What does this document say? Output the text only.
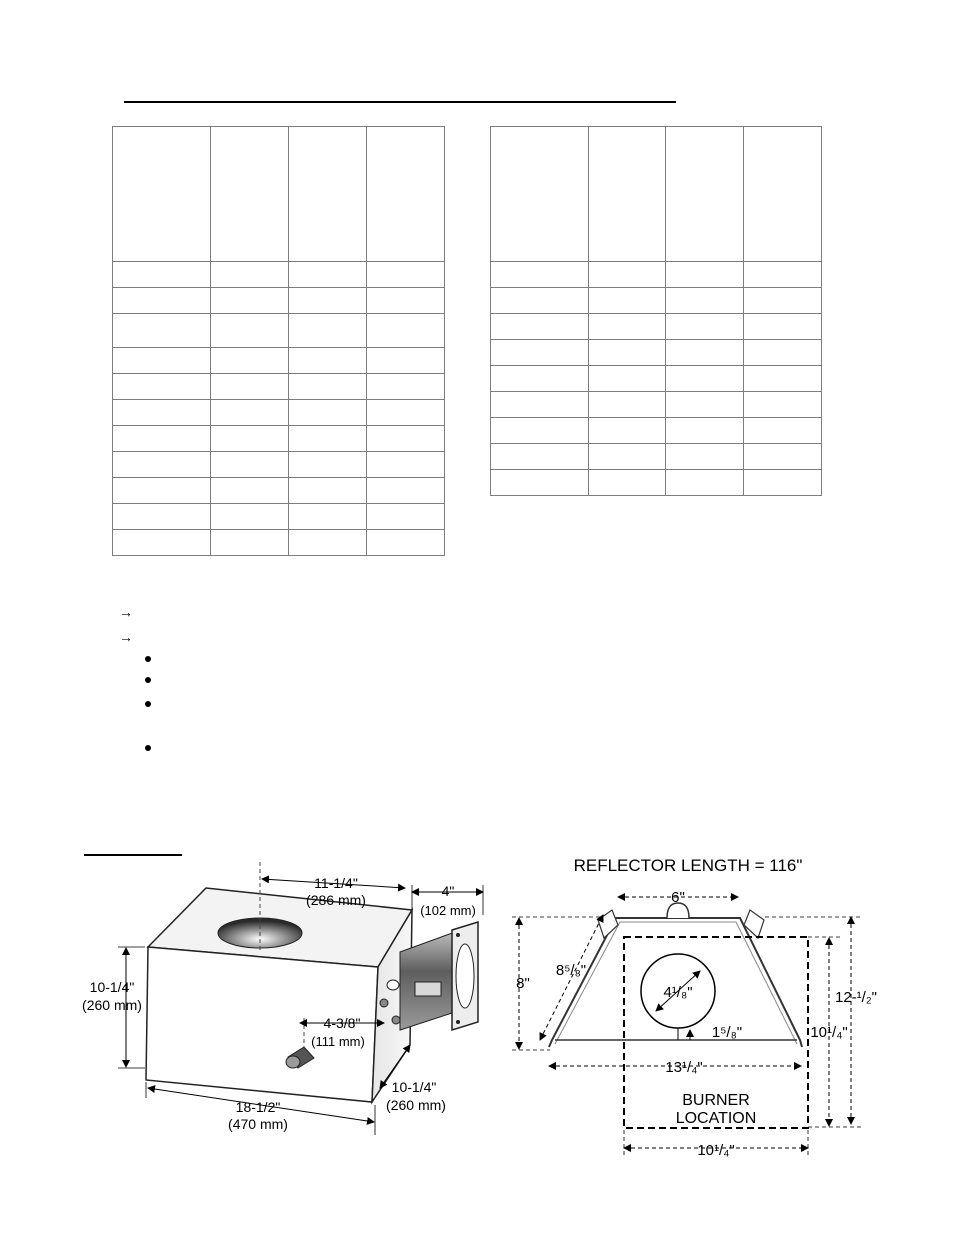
→
→
11-1/4"
(286 mm)
4"
(102 mm)
10-1/4"
(260 mm)
4-3/8"
(111 mm)
18-1/2"
(470 mm)
10-1/4"
(260 mm)
REFLECTOR LENGTH = 116"
6"
8"
8⁵/₈"
4¹/₈"
1⁵/₈"
13¹/₄"
12-¹/₂"
10¹/₄"
BURNER
LOCATION
10¹/₄"
